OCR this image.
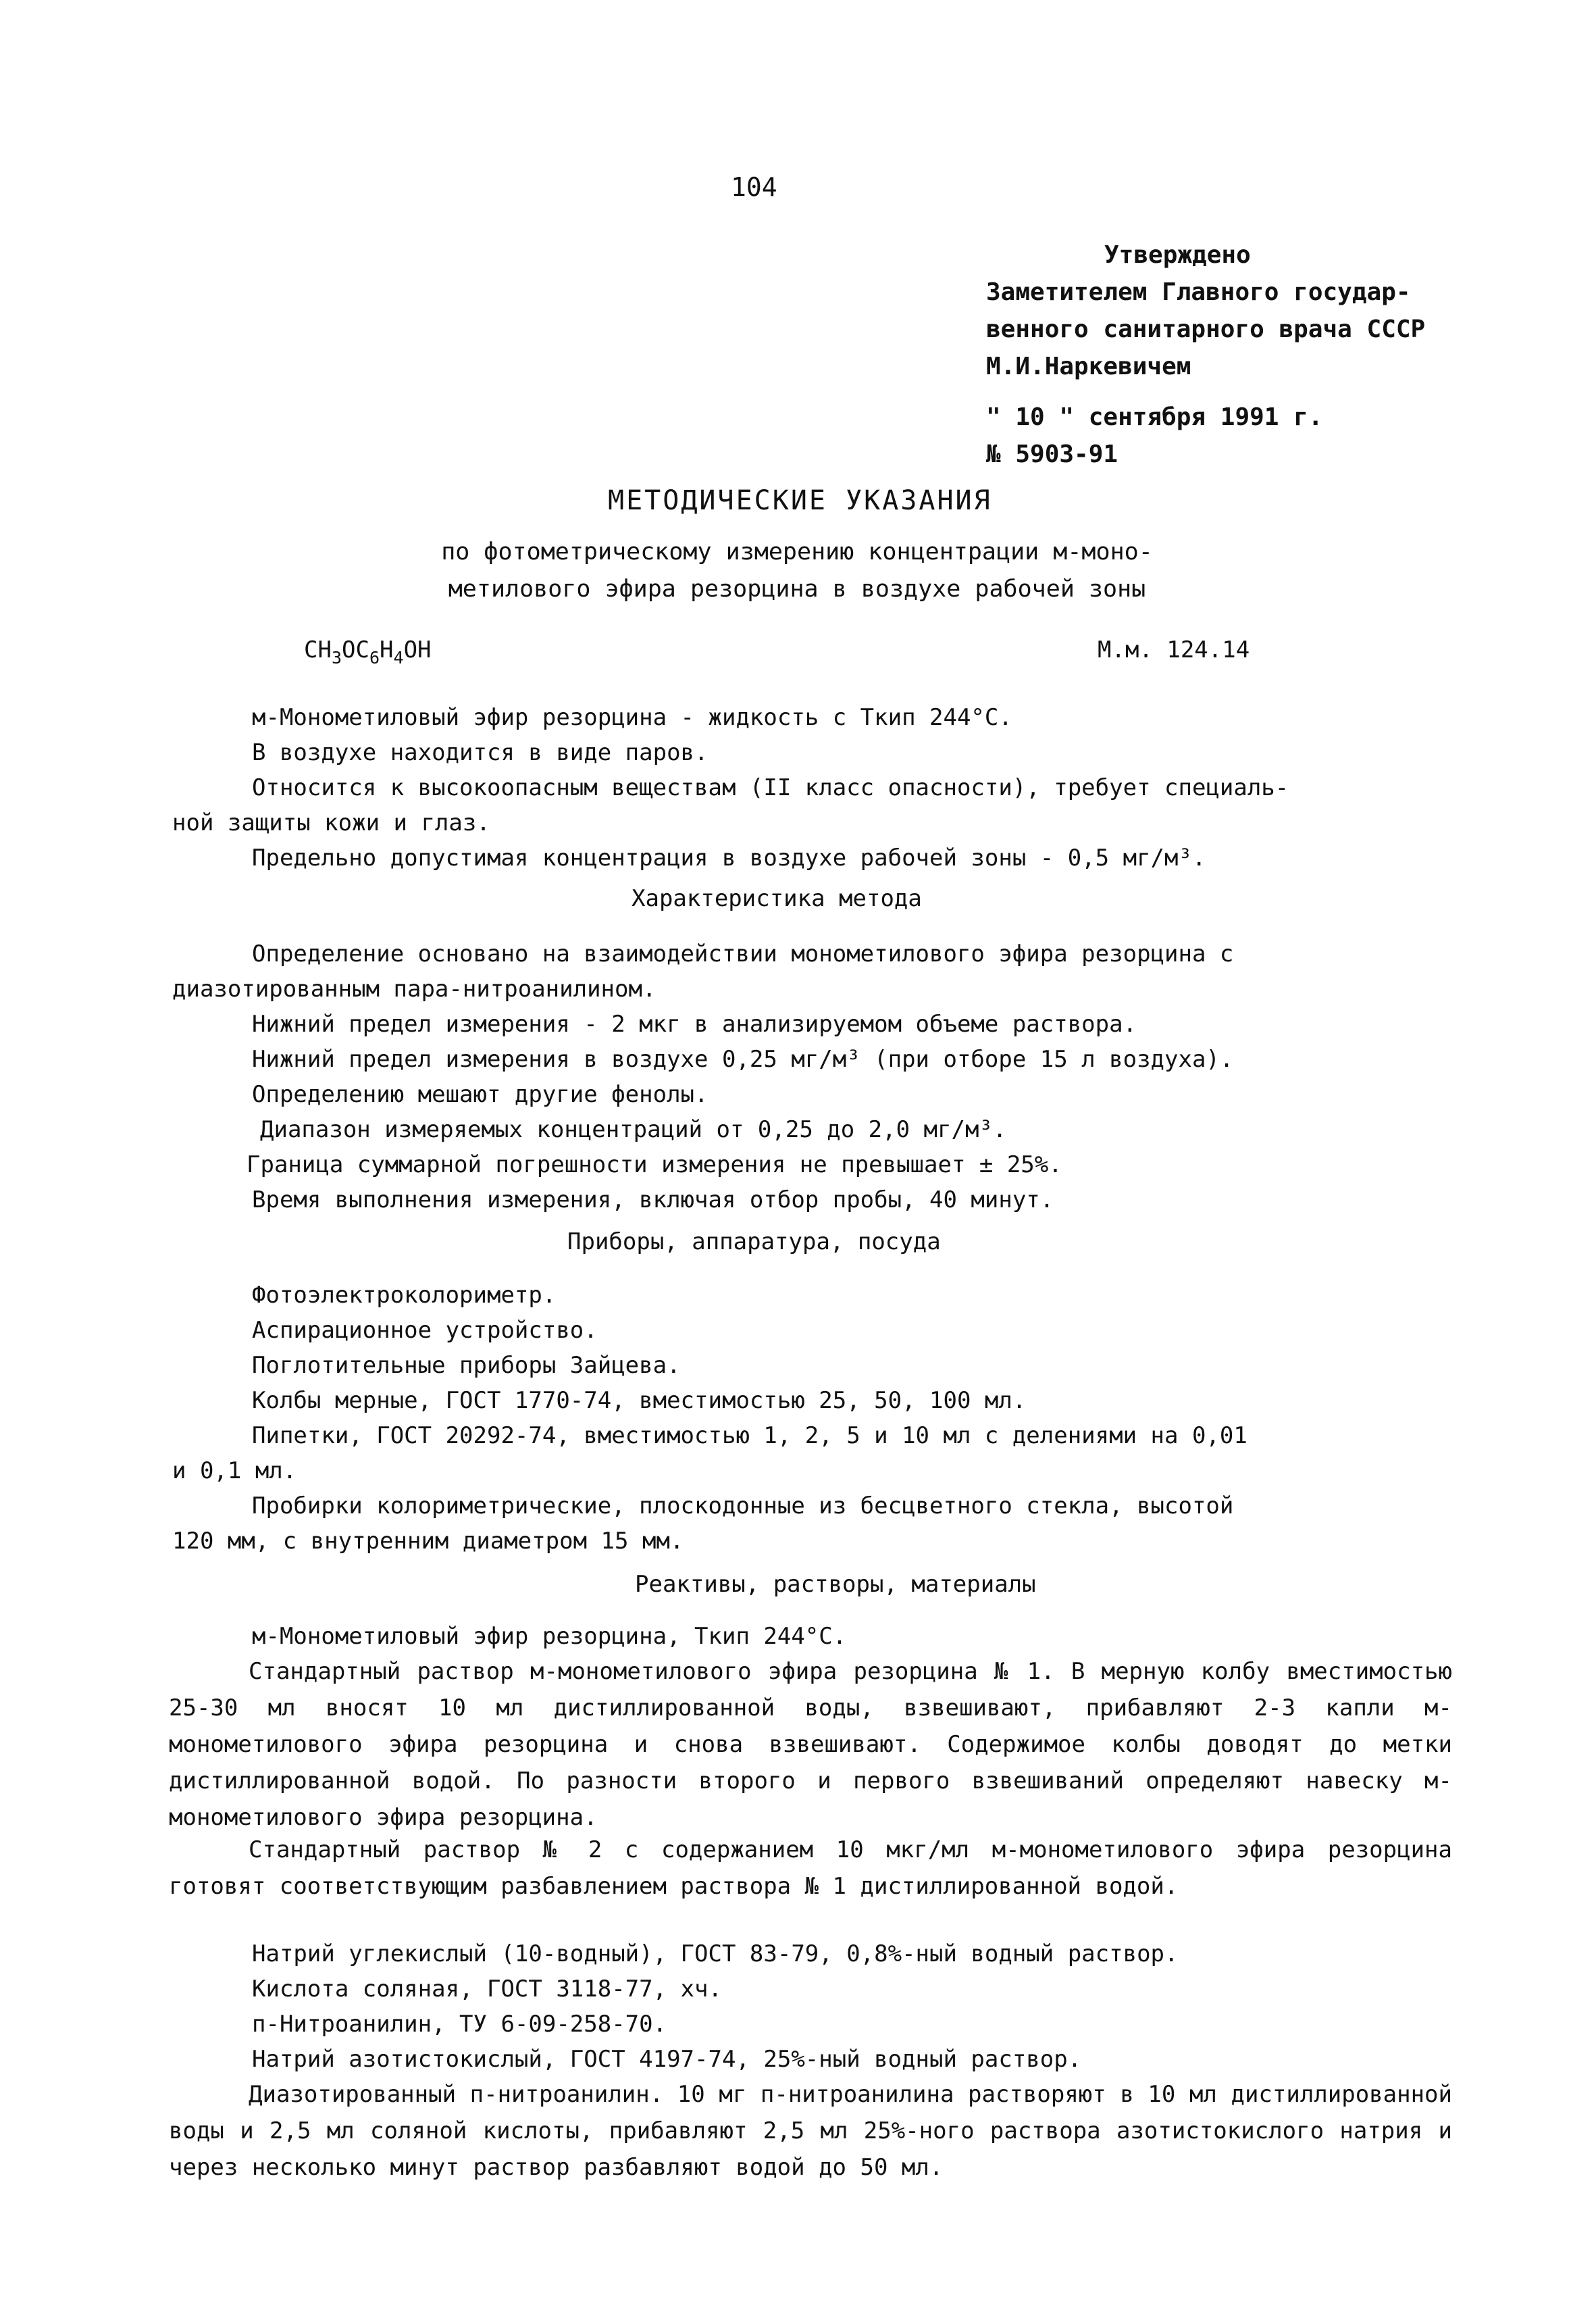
104
Утверждено
Заметителем Главного государ-
венного санитарного врача СССР
М.И.Наркевичем
" 10 " сентября 1991 г.
№ 5903-91
МЕТОДИЧЕСКИЕ УКАЗАНИЯ
по фотометрическому измерению концентрации м-моно-
метилового эфира резорцина в воздухе рабочей зоны
$CH_3OC_6H_4OH$	М.м. 124.14
м-Монометиловый эфир резорцина - жидкость с Ткип 244°С.
В воздухе находится в виде паров.
Относится к высокоопасным веществам (II класс опасности), требует специаль-
ной защиты кожи и глаз.
Предельно допустимая концентрация в воздухе рабочей зоны - 0,5 мг/м³.
Характеристика метода
Определение основано на взаимодействии монометилового эфира резорцина с
диазотированным пара-нитроанилином.
Нижний предел измерения - 2 мкг в анализируемом объеме раствора.
Нижний предел измерения в воздухе 0,25 мг/м³ (при отборе 15 л воздуха).
Определению мешают другие фенолы.
Диапазон измеряемых концентраций от 0,25 до 2,0 мг/м³.
Граница суммарной погрешности измерения не превышает ± 25%.
Время выполнения измерения, включая отбор пробы, 40 минут.
Приборы, аппаратура, посуда
Фотоэлектроколориметр.
Аспирационное устройство.
Поглотительные приборы Зайцева.
Колбы мерные, ГОСТ 1770-74, вместимостью 25, 50, 100 мл.
Пипетки, ГОСТ 20292-74, вместимостью 1, 2, 5 и 10 мл с делениями на 0,01
и 0,1 мл.
Пробирки колориметрические, плоскодонные из бесцветного стекла, высотой
120 мм, с внутренним диаметром 15 мм.
Реактивы, растворы, материалы
м-Монометиловый эфир резорцина, Ткип 244°С.
Стандартный раствор м-монометилового эфира резорцина № 1. В мерную колбу вместимостью 25-30 мл вносят 10 мл дистиллированной воды, взвешивают, прибавляют 2-3 капли м-монометилового эфира резорцина и снова взвешивают. Содержимое колбы доводят до метки дистиллированной водой. По разности второго и первого взвешиваний определяют навеску м-монометилового эфира резорцина.
Стандартный раствор № 2 с содержанием 10 мкг/мл м-монометилового эфира резорцина готовят соответствующим разбавлением раствора № 1 дистиллированной водой.
Натрий углекислый (10-водный), ГОСТ 83-79, 0,8%-ный водный раствор.
Кислота соляная, ГОСТ 3118-77, хч.
п-Нитроанилин, ТУ 6-09-258-70.
Натрий азотистокислый, ГОСТ 4197-74, 25%-ный водный раствор.
Диазотированный п-нитроанилин. 10 мг п-нитроанилина растворяют в 10 мл дистиллированной воды и 2,5 мл соляной кислоты, прибавляют 2,5 мл 25%-ного раствора азотистокислого натрия и через несколько минут раствор разбавляют водой до 50 мл.
